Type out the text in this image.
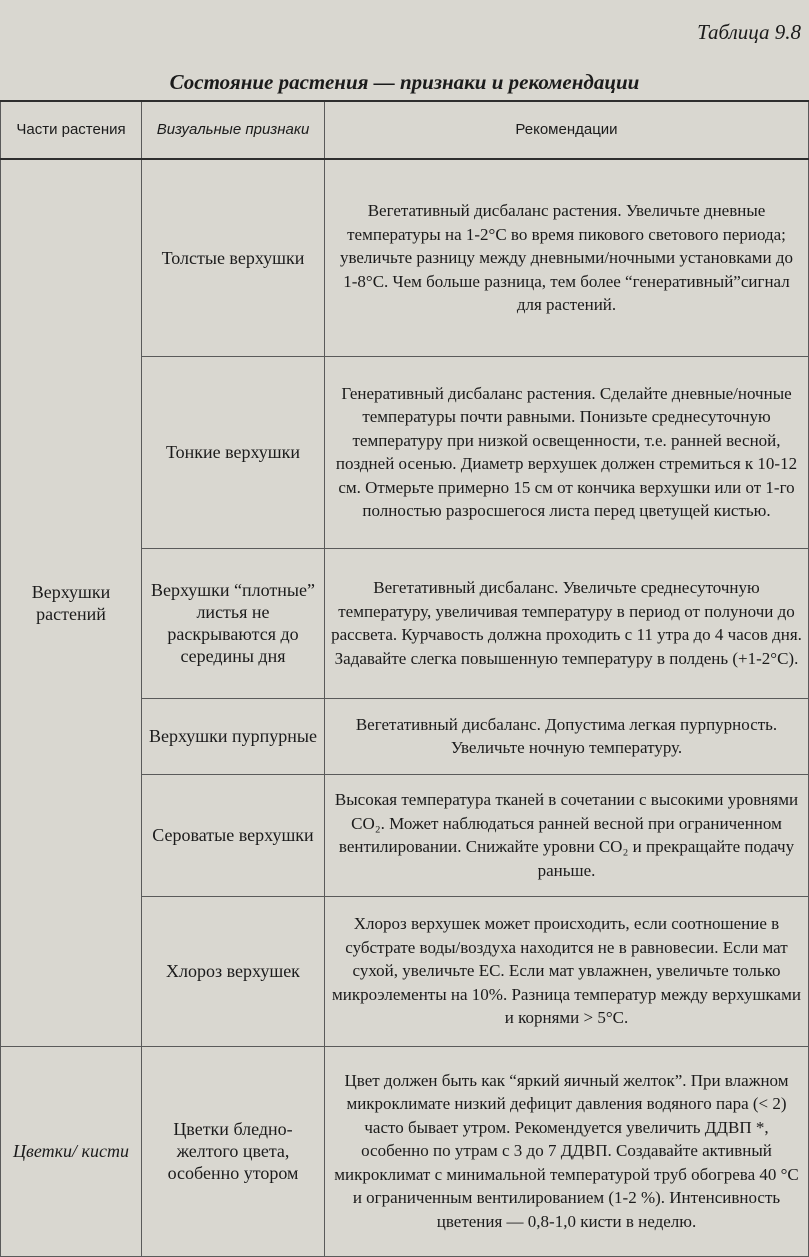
Таблица 9.8
Состояние растения — признаки и рекомендации
Части растения	Визуальные признаки	Рекомендации
Верхушки растений	Толстые верхушки	Вегетативный дисбаланс растения. Увеличьте дневные температуры на 1-2°С во время пикового светового периода; увеличьте разницу между дневными/ночными установками до 1-8°С. Чем больше разница, тем более “генеративный”сигнал для растений.
	Тонкие верхушки	Генеративный дисбаланс растения. Сделайте дневные/ночные температуры почти равными. Понизьте среднесуточную температуру при низкой освещенности, т.е. ранней весной, поздней осенью. Диаметр верхушек должен стремиться к 10-12 см. Отмерьте примерно 15 см от кончика верхушки или от 1-го полностью разросшегося листа перед цветущей кистью.
	Верхушки “плотные” листья не раскрываются до середины дня	Вегетативный дисбаланс. Увеличьте среднесуточную температуру, увеличивая температуру в период от полуночи до рассвета. Курчавость должна проходить с 11 утра до 4 часов дня. Задавайте слегка повышенную температуру в полдень (+1-2°С).
	Верхушки пурпурные	Вегетативный дисбаланс. Допустима легкая пурпурность. Увеличьте ночную температуру.
	Сероватые верхушки	Высокая температура тканей в сочетании с высокими уровнями CO₂. Может наблюдаться ранней весной при ограниченном вентилировании. Снижайте уровни CO₂ и прекращайте подачу раньше.
	Хлороз верхушек	Хлороз верхушек может происходить, если соотношение в субстрате воды/воздуха находится не в равновесии. Если мат сухой, увеличьте ЕС. Если мат увлажнен, увеличьте только микроэлементы на 10%. Разница температур между верхушками и корнями > 5°С.
Цветки/ кисти	Цветки бледно-желтого цвета, особенно утором	Цвет должен быть как “яркий яичный желток”. При влажном микроклимате низкий дефицит давления водяного пара (< 2) часто бывает утром. Рекомендуется увеличить ДДВП *, особенно по утрам с 3 до 7 ДДВП. Создавайте активный микроклимат с минимальной температурой труб обогрева 40 °С и ограниченным вентилированием (1-2 %). Интенсивность цветения — 0,8-1,0 кисти в неделю.
